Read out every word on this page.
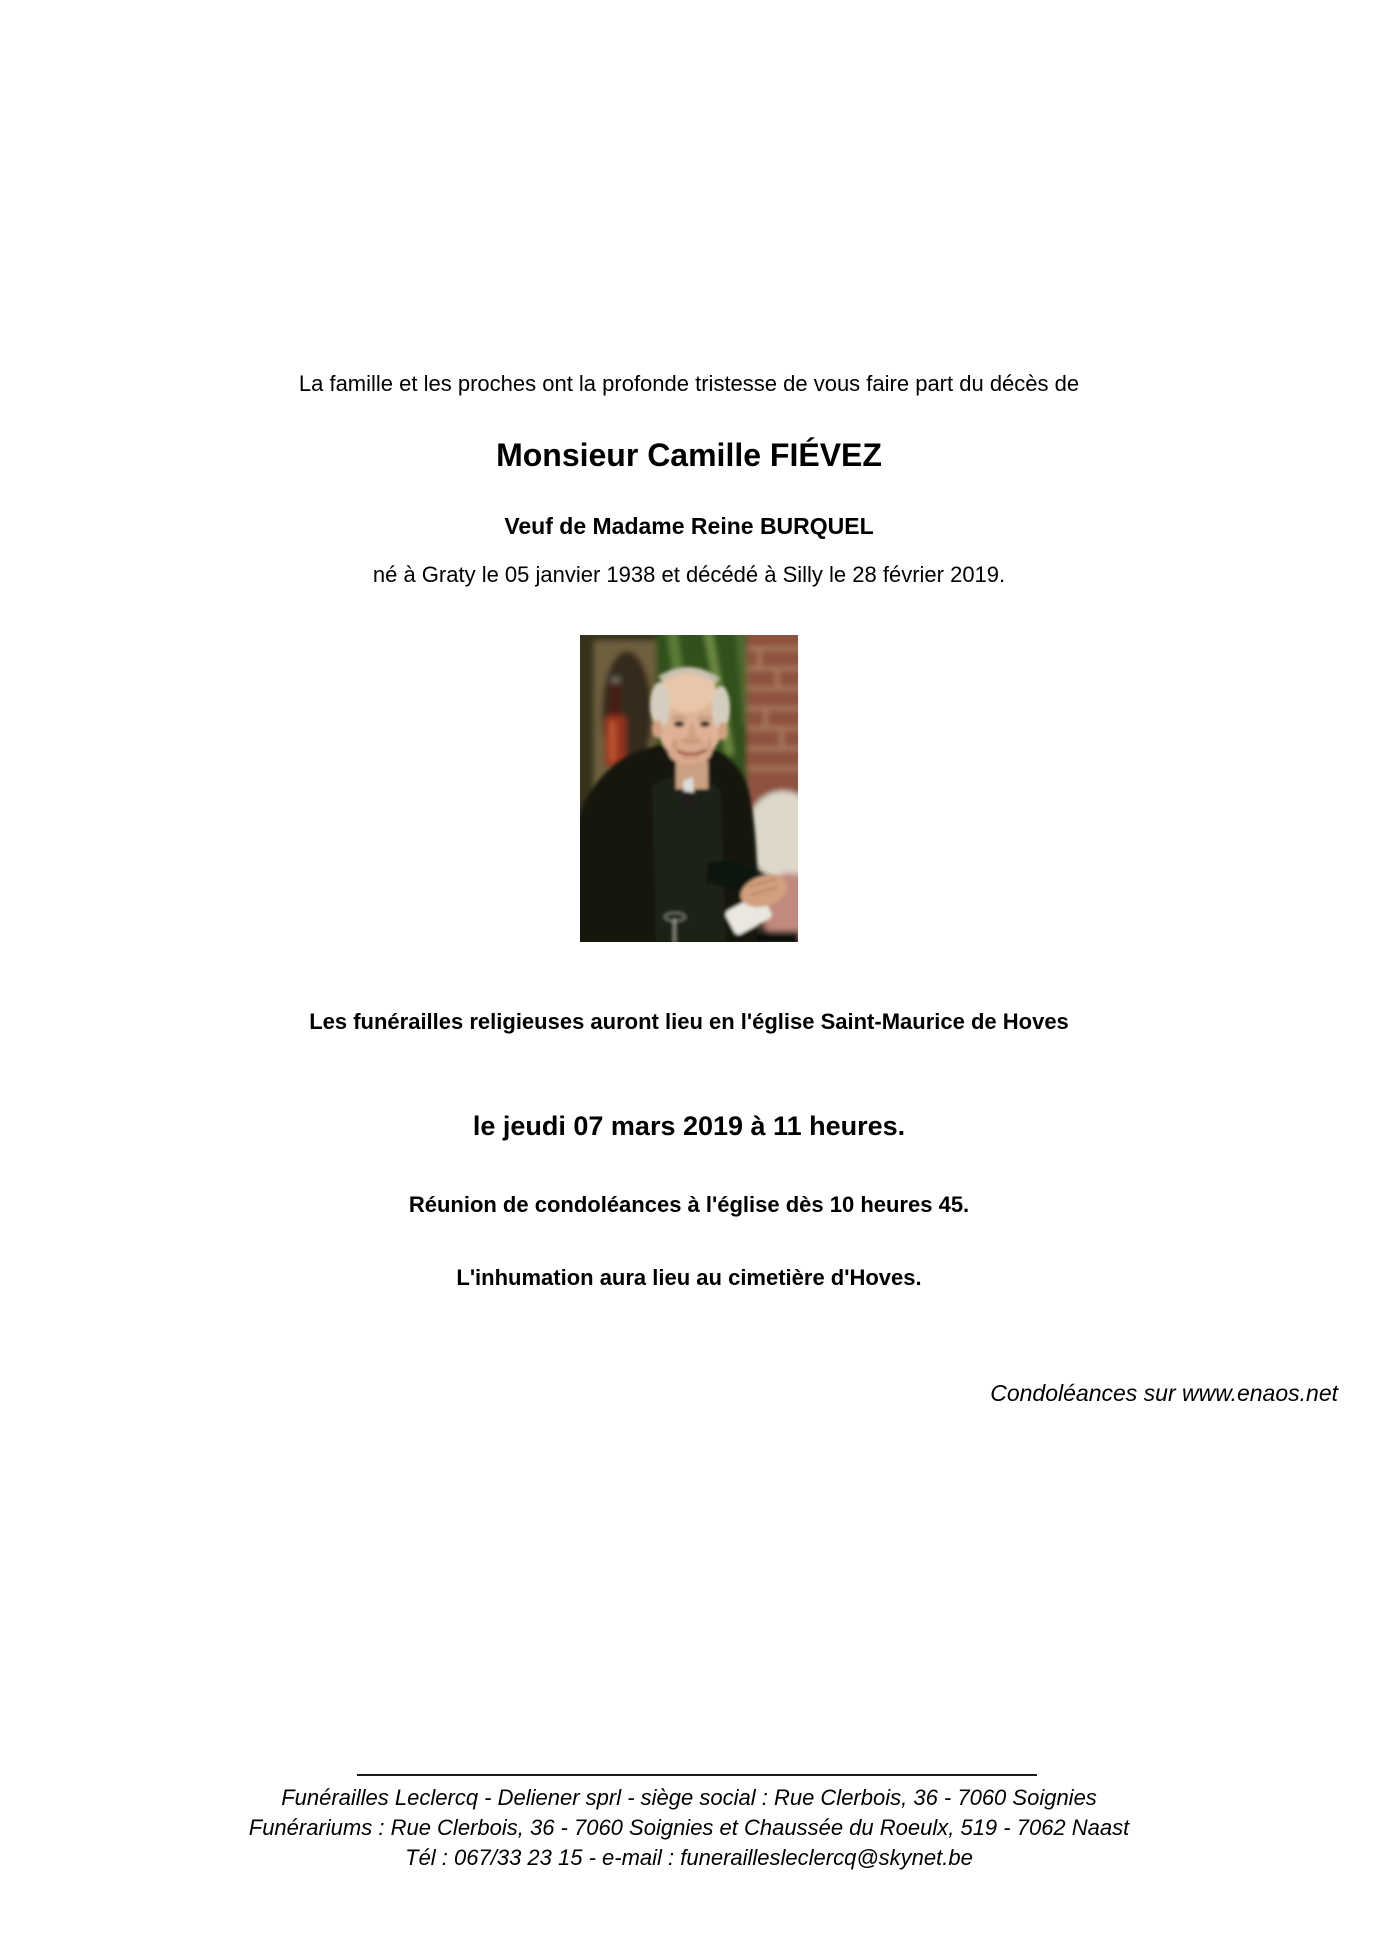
La famille et les proches ont la profonde tristesse de vous faire part du décès de
Monsieur Camille FIÉVEZ
Veuf de Madame Reine BURQUEL
né à Graty le 05 janvier 1938 et décédé à Silly le 28 février 2019.
Les funérailles religieuses auront lieu en l'église Saint-Maurice de Hoves
le jeudi 07 mars 2019 à 11 heures.
Réunion de condoléances à l'église dès 10 heures 45.
L'inhumation aura lieu au cimetière d'Hoves.
Condoléances sur www.enaos.net
Funérailles Leclercq - Deliener sprl - siège social : Rue Clerbois, 36 - 7060 Soignies
Funérariums : Rue Clerbois, 36 - 7060 Soignies et Chaussée du Roeulx, 519 - 7062 Naast
Tél : 067/33 23 15 - e-mail : funeraillesleclercq@skynet.be
